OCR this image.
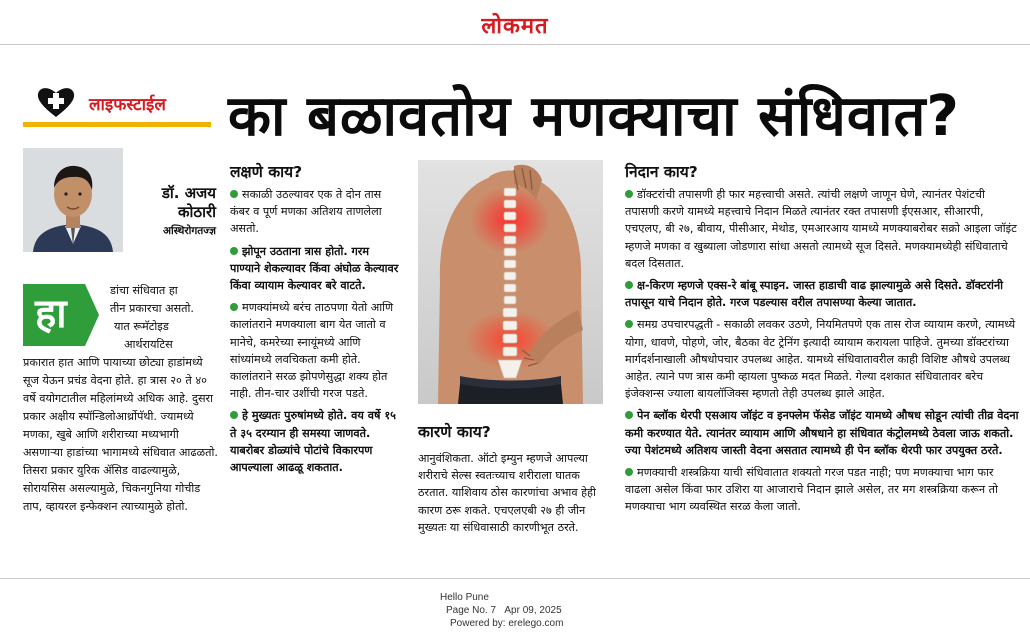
लोकमत
लाइफस्टाईल का बळावतोय मणक्याचा संधिवात?
डॉ. अजय
कोठारी
अस्थिरोगतज्ज्ञ
हा
डांचा संधिवात हा
तीन प्रकारचा असतो.
यात रूमॅटोइड
आर्थरायटिस
प्रकारात हात आणि पायाच्या छोट्या हाडांमध्ये सूज येऊन प्रचंड वेदना होते. हा त्रास २० ते ४० वर्षे वयोगटातील महिलांमध्ये अधिक आहे. दुसरा प्रकार अक्षीय स्पॉन्डिलोआर्थ्रोपॅथी. ज्यामध्ये मणका, खुबे आणि शरीराच्या मध्यभागी असणाऱ्या हाडांच्या भागामध्ये संधिवात आढळतो. तिसरा प्रकार युरिक ॲसिड वाढल्यामुळे, सोरायसिस असल्यामुळे, चिकनगुनिया गोचीड ताप, व्हायरल इन्फेक्शन त्याच्यामुळे होतो.
लक्षणे काय?
सकाळी उठल्यावर एक ते दोन तास कंबर व पूर्ण मणका अतिशय ताणलेला असतो.
झोपून उठताना त्रास होतो. गरम पाण्याने शेकल्यावर किंवा अंघोळ केल्यावर किंवा व्यायाम केल्यावर बरे वाटते.
मणक्यांमध्ये बरंच ताठपणा येतो आणि कालांतराने मणक्याला बाग येत जातो व मानेचे, कमरेच्या स्नायूंमध्ये आणि सांध्यांमध्ये लवचिकता कमी होते. कालांतराने सरळ झोपणेसुद्धा शक्य होत नाही. तीन-चार उशींची गरज पडते.
हे मुख्यतः पुरुषांमध्ये होते. वय वर्षे १५ ते ३५ दरम्यान ही समस्या जाणवते. याबरोबर डोळ्यांचे पोटांचे विकारपण आपल्याला आढळू शकतात.
कारणे काय?
आनुवंशिकता. ऑटो इम्युन म्हणजे आपल्या शरीराचे सेल्स स्वतःच्याच शरीराला घातक ठरतात. याशिवाय ठोस कारणांचा अभाव हेही कारण ठरू शकते. एचएलएबी २७ ही जीन मुख्यतः या संधिवासाठी कारणीभूत ठरते.
निदान काय?
डॉक्टरांची तपासणी ही फार महत्त्वाची असते. त्यांची लक्षणे जाणून घेणे, त्यानंतर पेशंटची तपासणी करणे यामध्ये महत्त्वाचे निदान मिळते त्यानंतर रक्त तपासणी ईएसआर, सीआरपी, एचएलए, बी २७, बीवाय, पीसीआर, मेथोड, एमआरआय यामध्ये मणक्याबरोबर सक्रो आइला जॉइंट म्हणजे मणका व खुब्याला जोडणारा सांधा असतो त्यामध्ये सूज दिसते. मणक्यामध्येही संधिवाताचे बदल दिसतात.
क्ष-किरण म्हणजे एक्स-रे बांबू स्पाइन. जास्त हाडाची वाढ झाल्यामुळे असे दिसते. डॉक्टरांनी तपासून याचे निदान होते. गरज पडल्यास वरील तपासण्या केल्या जातात.
समग्र उपचारपद्धती - सकाळी लवकर उठणे, नियमितपणे एक तास रोज व्यायाम करणे, त्यामध्ये योगा, धावणे, पोहणे, जोर, बैठका वेट ट्रेनिंग इत्यादी व्यायाम करायला पाहिजे. तुमच्या डॉक्टरांच्या मार्गदर्शनाखाली औषधोपचार उपलब्ध आहेत. यामध्ये संधिवातावरील काही विशिष्ट औषधे उपलब्ध आहेत. त्याने पण त्रास कमी व्हायला पुष्कळ मदत मिळते. गेल्या दशकात संधिवातावर बरेच इंजेक्शन्स ज्याला बायलॉजिक्स म्हणतो तेही उपलब्ध झाले आहेत.
पेन ब्लॉक थेरपी एसआय जॉइंट व इनफ्लेम फॅसेड जॉइंट यामध्ये औषध सोडून त्यांची तीव्र वेदना कमी करण्यात येते. त्यानंतर व्यायाम आणि औषधाने हा संधिवात कंट्रोलमध्ये ठेवला जाऊ शकतो. ज्या पेशंटमध्ये अतिशय जास्ती वेदना असतात त्यामध्ये ही पेन ब्लॉक थेरपी फार उपयुक्त ठरते.
मणक्याची शस्त्रक्रिया याची संधिवातात शक्यतो गरज पडत नाही; पण मणक्याचा भाग फार वाढला असेल किंवा फार उशिरा या आजाराचे निदान झाले असेल, तर मग शस्त्रक्रिया करून तो मणक्याचा भाग व्यवस्थित सरळ केला जातो.
Hello Pune
Page No. 7 Apr 09, 2025
Powered by: erelego.com
